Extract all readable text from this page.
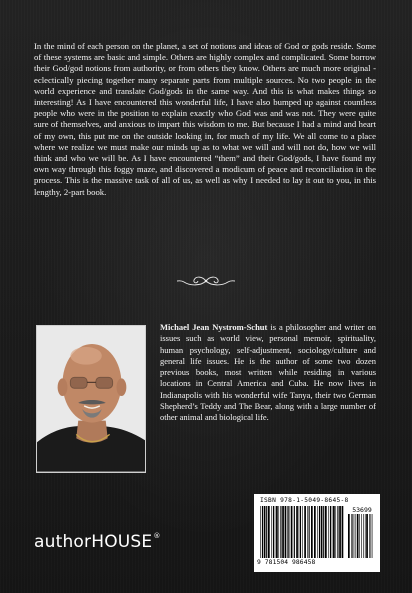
In the mind of each person on the planet, a set of notions and ideas of God or gods reside. Some of these systems are basic and simple. Others are highly complex and complicated. Some borrow their God/god notions from authority, or from others they know. Others are much more original - eclectically piecing together many separate parts from multiple sources. No two people in the world experience and translate God/gods in the same way. And this is what makes things so interesting! As I have encountered this wonderful life, I have also bumped up against countless people who were in the position to explain exactly who God was and was not. They were quite sure of themselves, and anxious to impart this wisdom to me. But because I had a mind and heart of my own, this put me on the outside looking in, for much of my life. We all come to a place where we realize we must make our minds up as to what we will and will not do, how we will think and who we will be. As I have encountered “them” and their God/gods, I have found my own way through this foggy maze, and discovered a modicum of peace and reconciliation in the process. This is the massive task of all of us, as well as why I needed to lay it out to you, in this lengthy, 2-part book.

Michael Jean Nystrom-Schut is a philosopher and writer on issues such as world view, personal memoir, spirituality, human psychology, self-adjustment, sociology/culture and general life issues. He is the author of some two dozen previous books, most written while residing in various locations in Central America and Cuba. He now lives in Indianapolis with his wonderful wife Tanya, their two German Shepherd’s Teddy and The Bear, along with a large number of other animal and biological life.

authorHOUSE®
ISBN 978-1-5049-8645-8
53699
9 781504 986458
